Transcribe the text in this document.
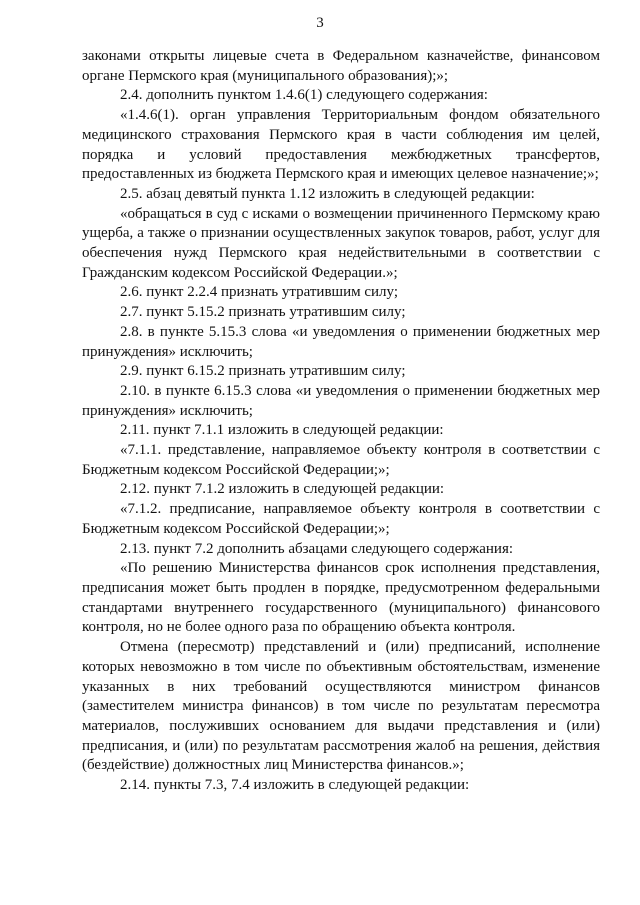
3

законами открыты лицевые счета в Федеральном казначействе, финансовом органе Пермского края (муниципального образования);»;

2.4. дополнить пунктом 1.4.6(1) следующего содержания:

«1.4.6(1). орган управления Территориальным фондом обязательного медицинского страхования Пермского края в части соблюдения им целей, порядка и условий предоставления межбюджетных трансфертов, предоставленных из бюджета Пермского края и имеющих целевое назначение;»;

2.5. абзац девятый пункта 1.12 изложить в следующей редакции:

«обращаться в суд с исками о возмещении причиненного Пермскому краю ущерба, а также о признании осуществленных закупок товаров, работ, услуг для обеспечения нужд Пермского края недействительными в соответствии с Гражданским кодексом Российской Федерации.»;

2.6. пункт 2.2.4 признать утратившим силу;

2.7. пункт 5.15.2 признать утратившим силу;

2.8. в пункте 5.15.3 слова «и уведомления о применении бюджетных мер принуждения» исключить;

2.9. пункт 6.15.2 признать утратившим силу;

2.10. в пункте 6.15.3 слова «и уведомления о применении бюджетных мер принуждения» исключить;

2.11. пункт 7.1.1 изложить в следующей редакции:

«7.1.1. представление, направляемое объекту контроля в соответствии с Бюджетным кодексом Российской Федерации;»;

2.12. пункт 7.1.2 изложить в следующей редакции:

«7.1.2. предписание, направляемое объекту контроля в соответствии с Бюджетным кодексом Российской Федерации;»;

2.13. пункт 7.2 дополнить абзацами следующего содержания:

«По решению Министерства финансов срок исполнения представления, предписания может быть продлен в порядке, предусмотренном федеральными стандартами внутреннего государственного (муниципального) финансового контроля, но не более одного раза по обращению объекта контроля.

Отмена (пересмотр) представлений и (или) предписаний, исполнение которых невозможно в том числе по объективным обстоятельствам, изменение указанных в них требований осуществляются министром финансов (заместителем министра финансов) в том числе по результатам пересмотра материалов, послуживших основанием для выдачи представления и (или) предписания, и (или) по результатам рассмотрения жалоб на решения, действия (бездействие) должностных лиц Министерства финансов.»;

2.14. пункты 7.3, 7.4 изложить в следующей редакции:
